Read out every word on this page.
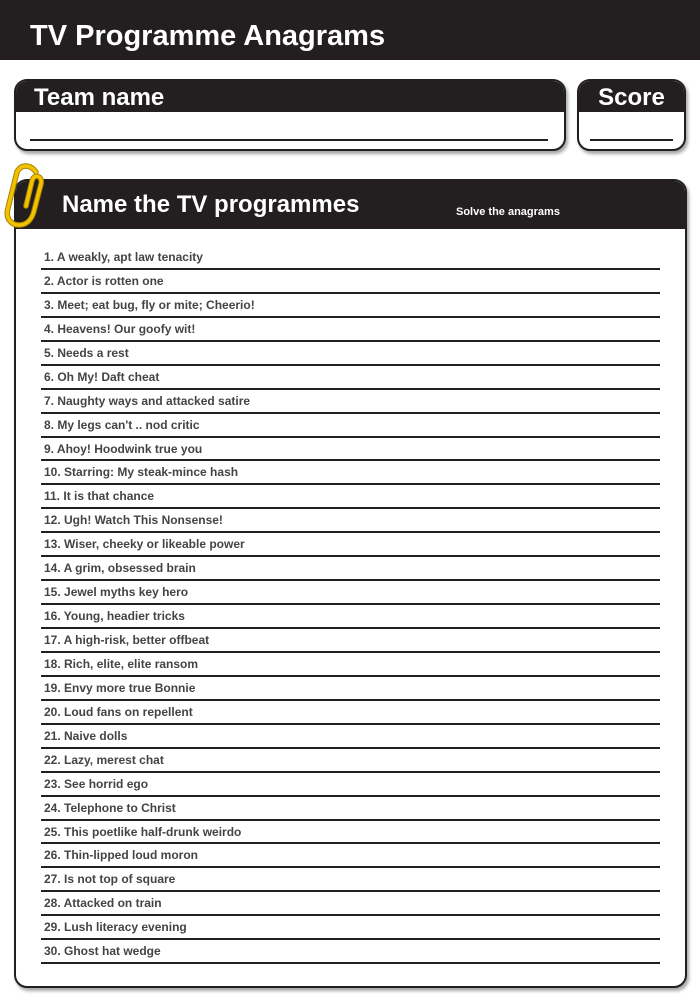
TV Programme Anagrams
Team name	Score
Name the TV programmes	Solve the anagrams
1. A weakly, apt law tenacity
2. Actor is rotten one
3. Meet; eat bug, fly or mite; Cheerio!
4. Heavens! Our goofy wit!
5. Needs a rest
6. Oh My! Daft cheat
7. Naughty ways and attacked satire
8. My legs can't .. nod critic
9. Ahoy! Hoodwink true you
10. Starring: My steak-mince hash
11. It is that chance
12. Ugh! Watch This Nonsense!
13. Wiser, cheeky or likeable power
14. A grim, obsessed brain
15. Jewel myths key hero
16. Young, headier tricks
17. A high-risk, better offbeat
18. Rich, elite, elite ransom
19. Envy more true Bonnie
20. Loud fans on repellent
21. Naive dolls
22. Lazy, merest chat
23. See horrid ego
24. Telephone to Christ
25. This poetlike half-drunk weirdo
26. Thin-lipped loud moron
27. Is not top of square
28. Attacked on train
29. Lush literacy evening
30. Ghost hat wedge
